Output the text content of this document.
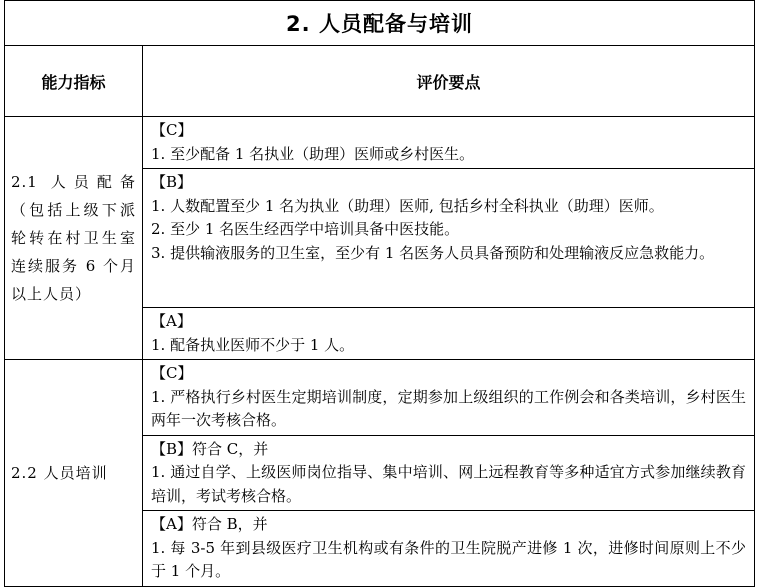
2. 人员配备与培训	
能力指标	评价要点
2.1 人员配备（包括上级下派轮转在村卫生室连续服务 6 个月以上人员）	【C】
1. 至少配备 1 名执业（助理）医师或乡村医生。

	【B】
1. 人数配置至少 1 名为执业（助理）医师, 包括乡村全科执业（助理）医师。
2. 至少 1 名医生经西学中培训具备中医技能。
3. 提供输液服务的卫生室，至少有 1 名医务人员具备预防和处理输液反应急救能力。

	【A】
1. 配备执业医师不少于 1 人。

2.2 人员培训	【C】
1. 严格执行乡村医生定期培训制度，定期参加上级组织的工作例会和各类培训，乡村医生两年一次考核合格。

	【B】符合 C，并
1. 通过自学、上级医师岗位指导、集中培训、网上远程教育等多种适宜方式参加继续教育培训，考试考核合格。

	【A】符合 B，并
1. 每 3-5 年到县级医疗卫生机构或有条件的卫生院脱产进修 1 次，进修时间原则上不少于 1 个月。
